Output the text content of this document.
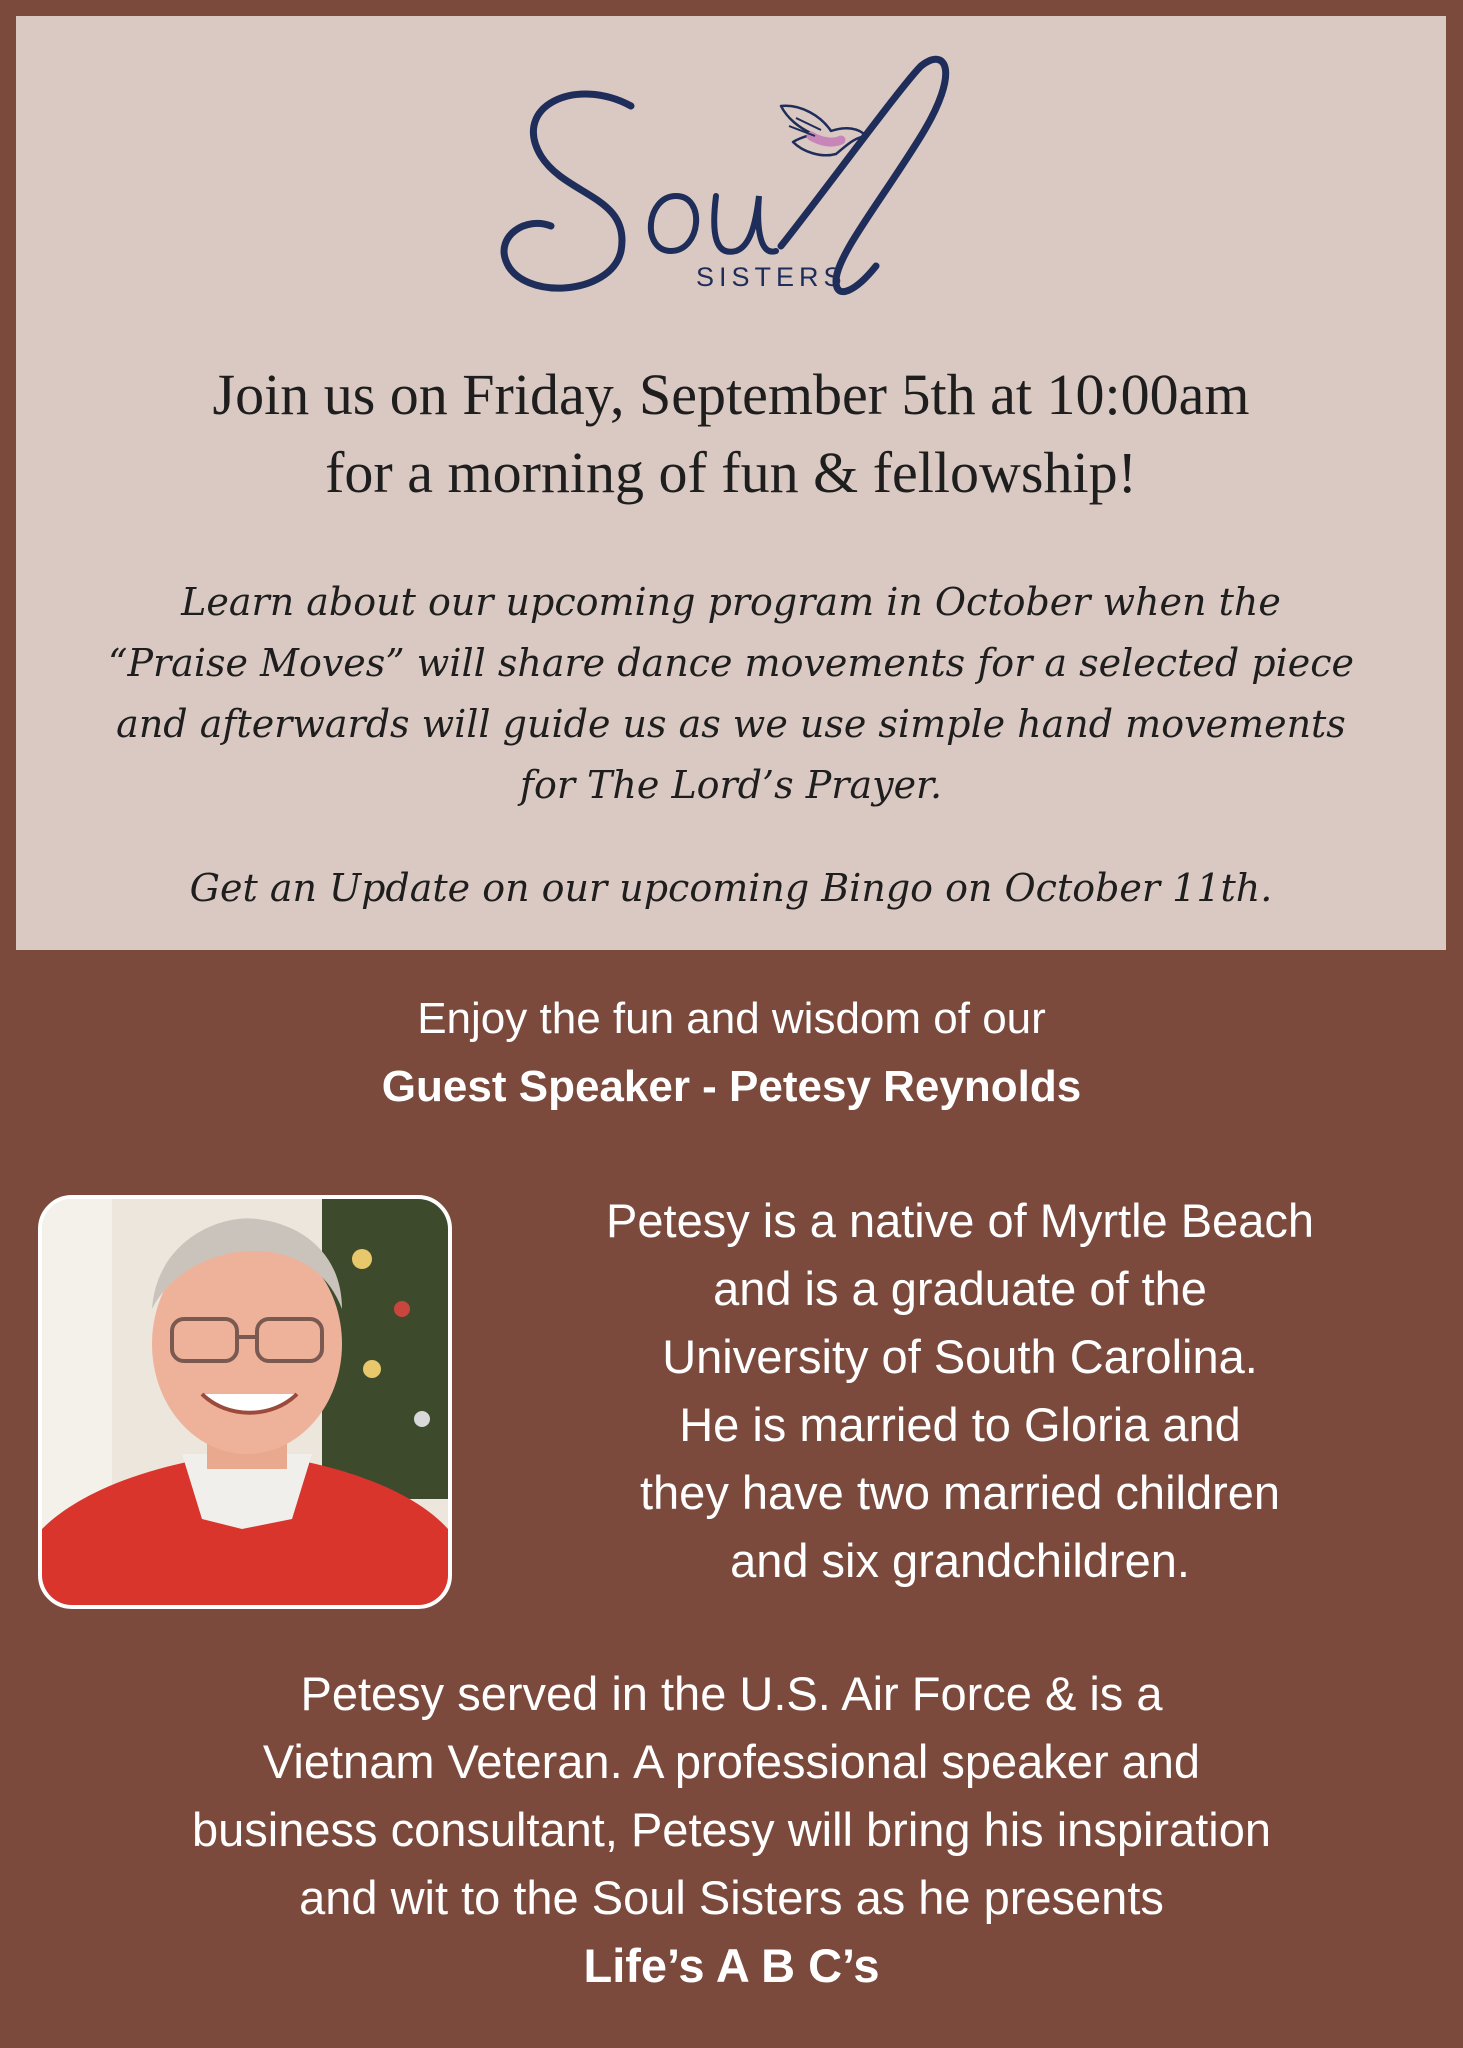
SISTERS
Join us on Friday, September 5th at 10:00am
for a morning of fun & fellowship!
Learn about our upcoming program in October when the
“Praise Moves” will share dance movements for a selected piece
and afterwards will guide us as we use simple hand movements
for The Lord’s Prayer.
Get an Update on our upcoming Bingo on October 11th.
Enjoy the fun and wisdom of our
Guest Speaker - Petesy Reynolds
Petesy is a native of Myrtle Beach
and is a graduate of the
University of South Carolina.
He is married to Gloria and
they have two married children
and six grandchildren.
Petesy served in the U.S. Air Force & is a
Vietnam Veteran. A professional speaker and
business consultant, Petesy will bring his inspiration
and wit to the Soul Sisters as he presents
Life’s A B C’s
